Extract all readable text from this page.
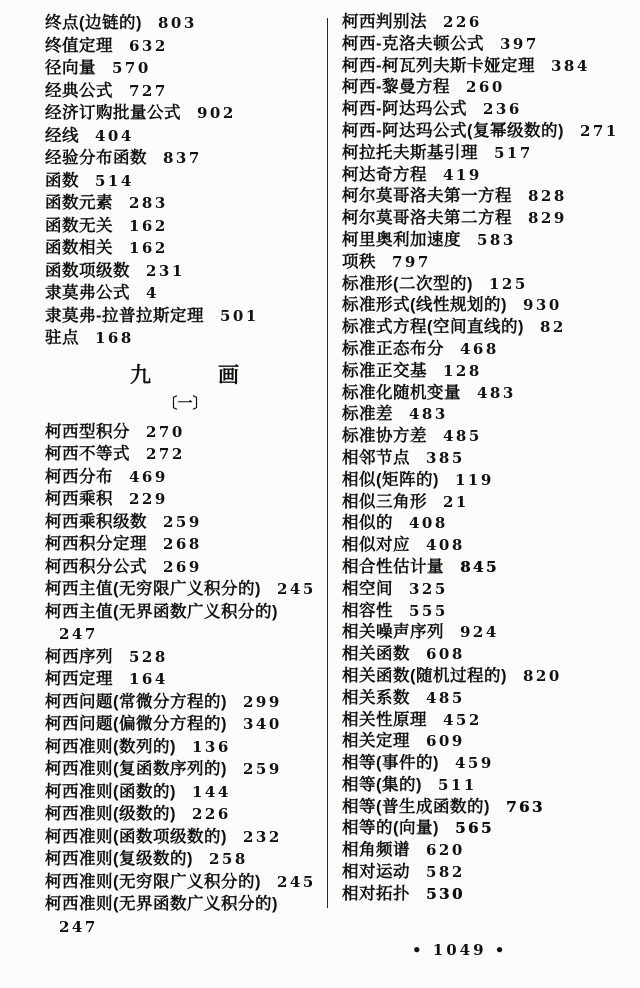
终点(边链的) 803
终值定理 632
径向量 570
经典公式 727
经济订购批量公式 902
经线 404
经验分布函数 837
函数 514
函数元素 283
函数无关 162
函数相关 162
函数项级数 231
隶莫弗公式 4
隶莫弗-拉普拉斯定理 501
驻点 168
九　　　画
〔一〕
柯西型积分 270
柯西不等式 272
柯西分布 469
柯西乘积 229
柯西乘积级数 259
柯西积分定理 268
柯西积分公式 269
柯西主值(无穷限广义积分的) 245
柯西主值(无界函数广义积分的)
247
柯西序列 528
柯西定理 164
柯西问题(常微分方程的) 299
柯西问题(偏微分方程的) 340
柯西准则(数列的) 136
柯西准则(复函数序列的) 259
柯西准则(函数的) 144
柯西准则(级数的) 226
柯西准则(函数项级数的) 232
柯西准则(复级数的) 258
柯西准则(无穷限广义积分的) 245
柯西准则(无界函数广义积分的)
247
柯西判别法 226
柯西-克洛夫顿公式 397
柯西-柯瓦列夫斯卡娅定理 384
柯西-黎曼方程 260
柯西-阿达玛公式 236
柯西-阿达玛公式(复幂级数的) 271
柯拉托夫斯基引理 517
柯达奇方程 419
柯尔莫哥洛夫第一方程 828
柯尔莫哥洛夫第二方程 829
柯里奥利加速度 583
项秩 797
标准形(二次型的) 125
标准形式(线性规划的) 930
标准式方程(空间直线的) 82
标准正态布分 468
标准正交基 128
标准化随机变量 483
标准差 483
标准协方差 485
相邻节点 385
相似(矩阵的) 119
相似三角形 21
相似的 408
相似对应 408
相合性估计量 845
相空间 325
相容性 555
相关噪声序列 924
相关函数 608
相关函数(随机过程的) 820
相关系数 485
相关性原理 452
相关定理 609
相等(事件的) 459
相等(集的) 511
相等(普生成函数的) 763
相等的(向量) 565
相角频谱 620
相对运动 582
相对拓扑 530
• 1049 •
